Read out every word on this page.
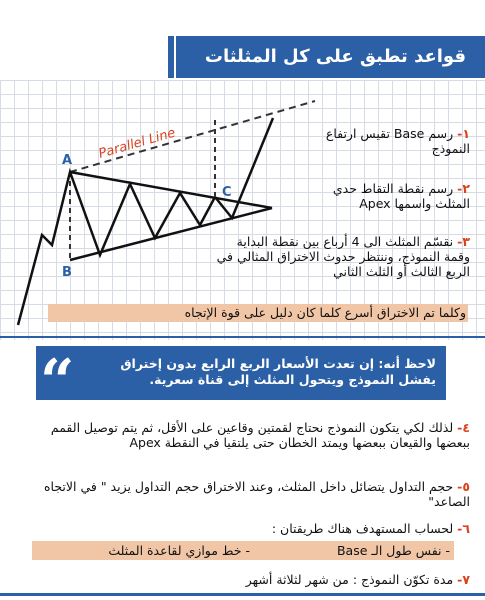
قواعد تطبق على كل المثلثات
Parallel Line
A
B
C
١- رسم Base تقيس ارتفاع النموذج
٢- رسم نقطة التقاط حدي المثلث واسمها Apex
٣- نقسّم المثلث الى 4 أرباع بين نقطة البداية وقمة النموذج، وننتظر حدوث الاختراق المثالي في الربع الثالث أو الثلث الثاني
وكلما تم الاختراق أسرع كلما كان دليل على قوة الإتجاه
“	لاحظ أنه: إن تعدت الأسعار الربع الرابع بدون إختراق يفشل النموذج ويتحول المثلث إلى قناة سعرية.
٤- لذلك لكي يتكون النموذج نحتاج لقمتين وقاعين على الأقل، ثم يتم توصيل القمم ببعضها والقيعان ببعضها ويمتد الخطان حتى يلتقيا في النقطة Apex
٥- حجم التداول يتضائل داخل المثلث، وعند الاختراق حجم التداول يزيد " في الاتجاه الصاعد"
٦- لحساب المستهدف هناك طريقتان :
- نفس طول الـ Base
- خط موازي لقاعدة المثلث
٧- مدة تكوّن النموذج : من شهر لثلاثة أشهر
